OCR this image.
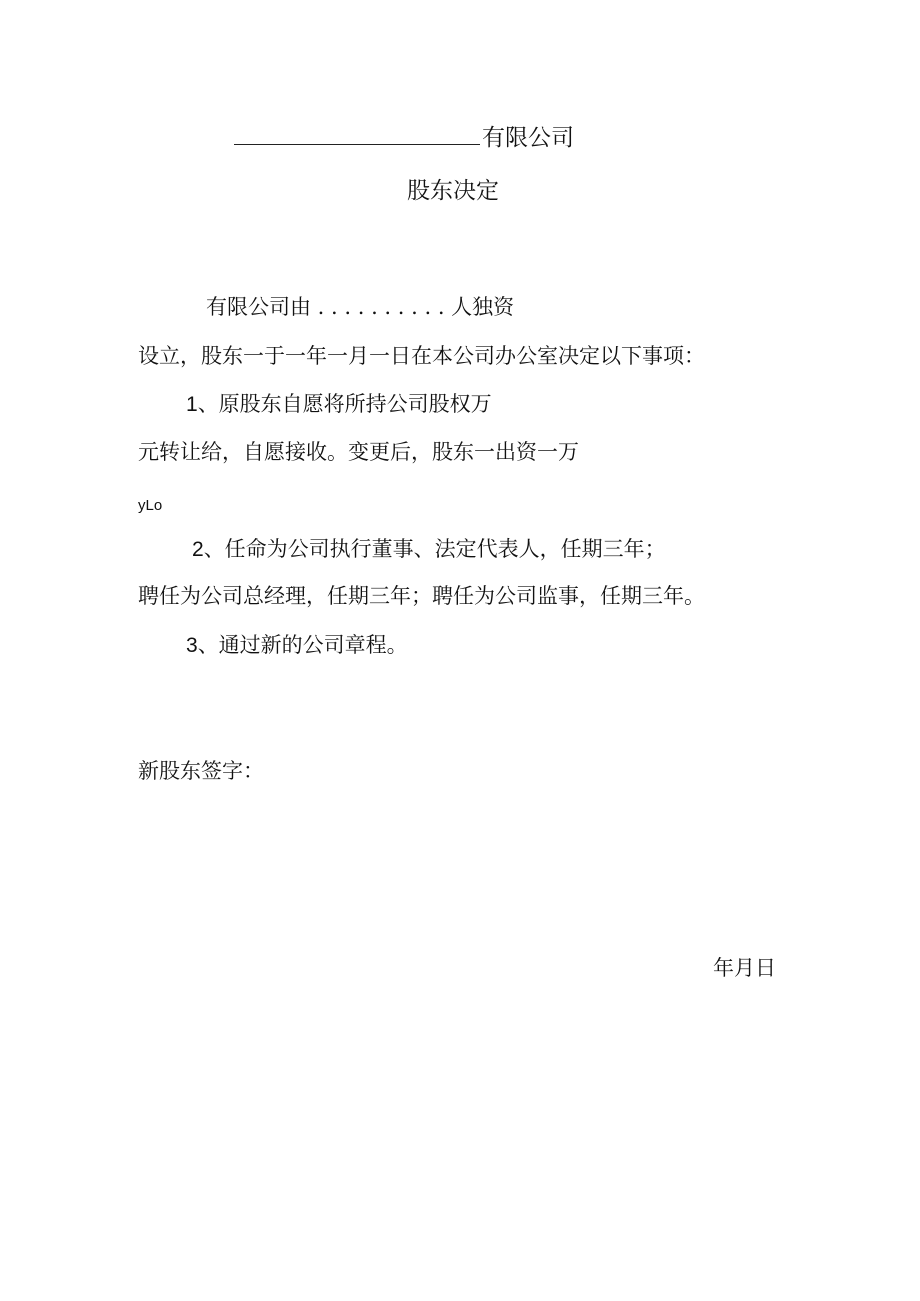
有限公司
股东决定
有限公司由 . . . . . . . . . . 人独资
设立，股东一于一年一月一日在本公司办公室决定以下事项：
1、原股东自愿将所持公司股权万
元转让给，自愿接收。变更后，股东一出资一万
yLo
2、任命为公司执行董事、法定代表人，任期三年；
聘任为公司总经理，任期三年；聘任为公司监事，任期三年。
3、通过新的公司章程。
新股东签字：
年月日
